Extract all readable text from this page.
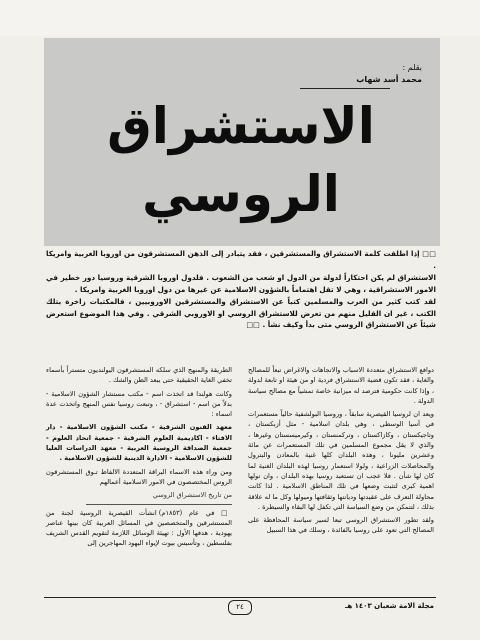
بقلم :
محمد أسد شهاب
الاستشراق
الروسي

□□ إذا اطلقت كلمة الاستشراق والمستشرقين ، فقد يتبادر إلى الذهن المستشرقون من اوروبا الغربية وامريكا .

الاستشراق لم يكن احتكاراً لدولة من الدول او شعب من الشعوب . فلدول اوروبا الشرقية وروسيا دور خطير في الامور الاستشراقية ، وهي لا تقل اهتماماً بالشؤون الاسلامية عن غيرها من دول اوروبا الغربية وامريكا .

لقد كتب كثير من العرب والمسلمين كتباً عن الاستشراق والمستشرقين الاوروبيين ، فالمكتبات زاخرة بتلك الكتب ، غير ان القليل منهم من تعرض للاستشراق الروسي او الاوروبي الشرقي . وفي هذا الموضوع استعرض شيئاً عن الاستشراق الروسي متى بدأ وكيف نشأ . □□

دوافع الاستشراق متعددة الاسباب والاتجاهات والاغراض تبعاً للمصالح والغاية ، فقد تكون قضية الاستشراق فردية او من هيئة او تابعة لدولة ، وإذا كانت حكومية فترصد له ميزانية خاصة تمشياً مع مصالح سياسة الدولة .

ويعد ان لروسيا القيصرية سابقاً ، وروسيا البولشفية حالياً مستعمرات في آسيا الوسطى ، وهي بلدان اسلامية - مثل أزبكستان ، وتاجيكستان ، وكازاكستان ، وتركمنستان ، وكيرميسستان وغيرها ، والذي لا يقل مجموع المسلمين في تلك المستعمرات عن مائة وعشرين مليونا ، وهذه البلدان كلها غنية بالمعادن والبترول والمحاصلات الزراعية ، ولولا استعمار روسيا لهذه البلدان الغنية لما كان لها شأن . فلا عجب ان تستعبد روسيا بهذه البلدان ، وان تولها اهمية كبرى لتثبت وضعها في تلك المناطق الاسلامية . لذا كانت محاولة التعرف على عقيدتها وديانتها وثقافتها وميولها وكل ما له علاقة بذلك ، لتتمكن من وضع السياسة التي تكفل لها البقاء والسيطرة .

ولقد تطور الاستشراق الروسي تبعا لسير سياسة المحافظة على المصالح التي تعود على روسيا بالفائدة ، وسلك في هذا السبيل

الطريقة والمنهج الذي سلكه المستشرقون اليولنديون متستراً بأسماء تخفي الغاية الحقيقية حتى يبعد الظن والشك .

وكانت هولندا قد اتخذت اسم - مكتب مستشار الشؤون الاسلامية - بدلاً من اسم - استشراق - ، وتبعت روسيا نفس المنهج واتخذت عدة اسماء :

معهد الفنون الشرقية - مكتب الشؤون الاسلامية - دار الافتاء - اكاديمية العلوم الشرقية - جمعية اتحاد العلوم - جمعية الصداقة الروسية العربية - معهد الدراسات العليا للشؤون الاسلامية - الادارة الدينية للشؤون الاسلامية .

ومن وراء هذه الاسماء البراقة المتعددة الالفاظ تـوق المستشرقون الروس المختصصون في الامور الاسلامية أعمالهم

من تاريخ الاستشراق الروسي

□ في عام (١٨٥٣م) انشأت القيصرية الروسية لجنة من المستشرقين والمتخصصين في المسائل العربية كان بينها عناصر يهودية ، هدفها الأول : تهيئة الوسائل اللازمة لتقويم القدس الشريف بفلسطين ، وتأسيس بيوت لإيواء اليهود المهاجرين إلى

٢٤	مجلة الامة شعبان ١٤٠٣ هـ
